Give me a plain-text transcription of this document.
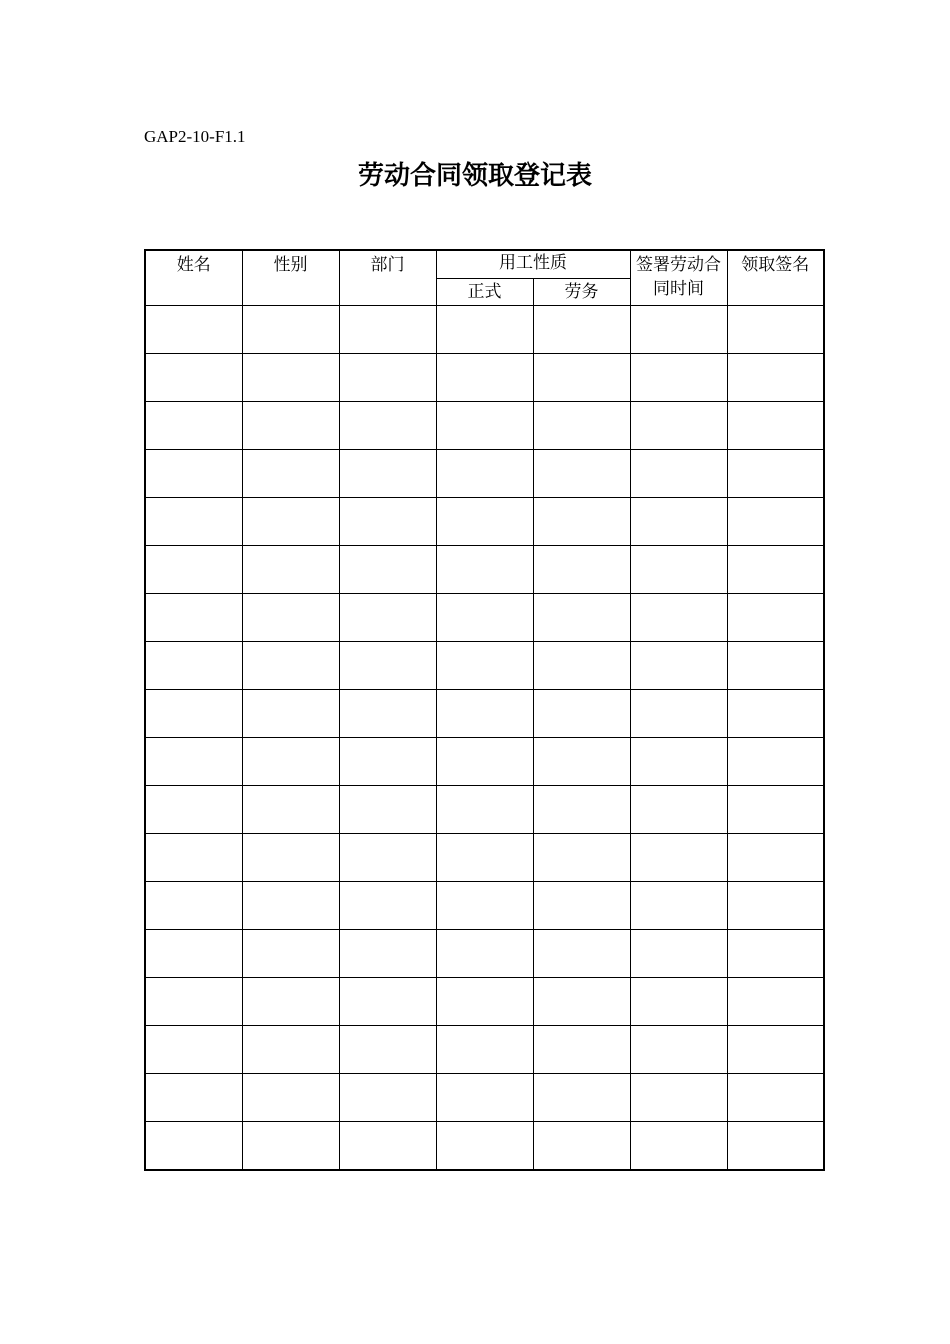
GAP2-10-F1.1
劳动合同领取登记表
姓名	性别	部门	用工性质		签署劳动合同时间	领取签名
			正式	劳务		
